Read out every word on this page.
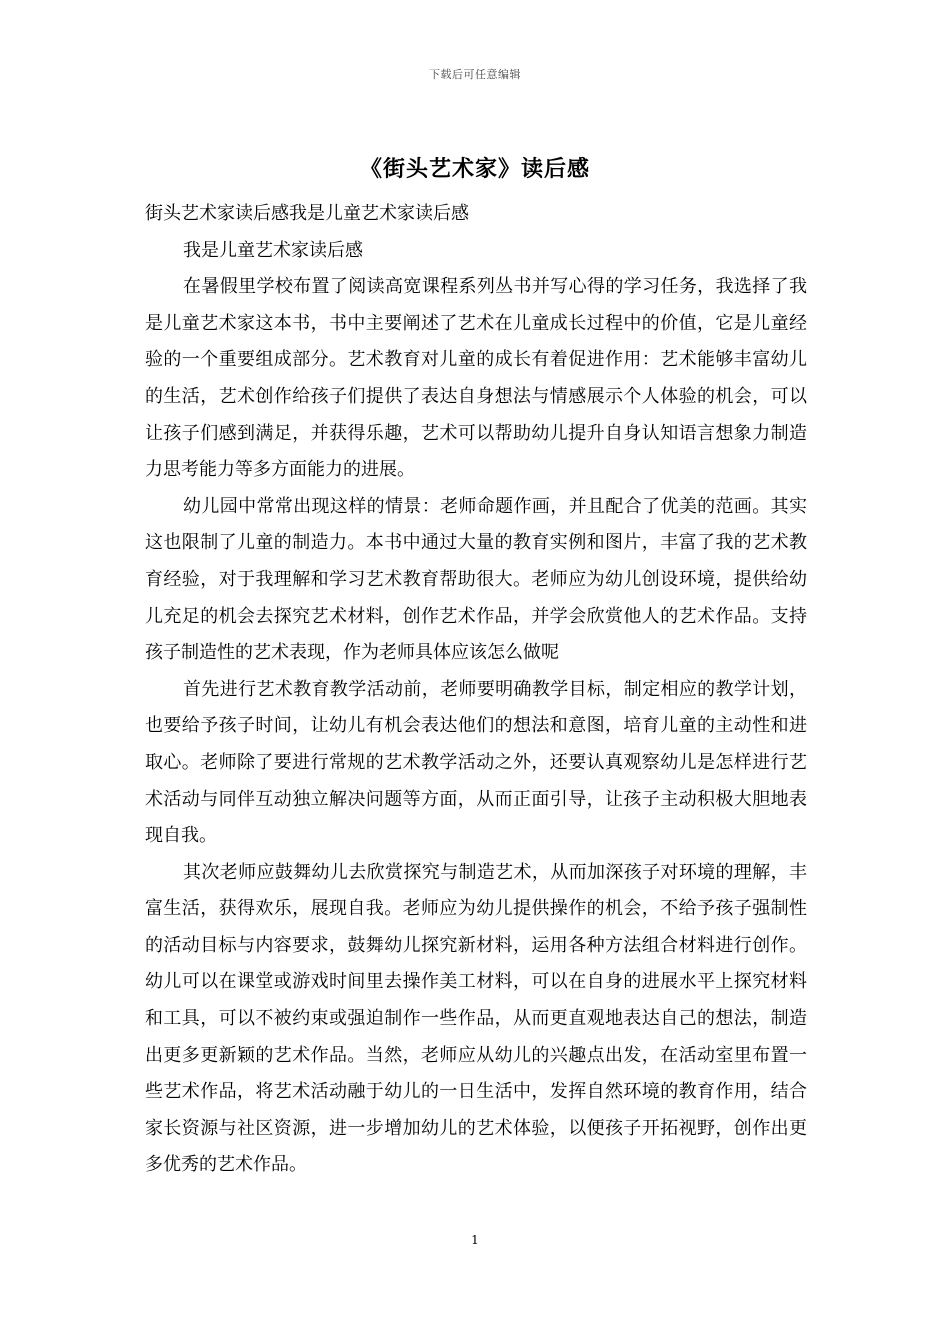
下载后可任意编辑
《街头艺术家》读后感

街头艺术家读后感我是儿童艺术家读后感

我是儿童艺术家读后感

在暑假里学校布置了阅读高宽课程系列丛书并写心得的学习任务，我选择了我是儿童艺术家这本书，书中主要阐述了艺术在儿童成长过程中的价值，它是儿童经验的一个重要组成部分。艺术教育对儿童的成长有着促进作用：艺术能够丰富幼儿的生活，艺术创作给孩子们提供了表达自身想法与情感展示个人体验的机会，可以让孩子们感到满足，并获得乐趣，艺术可以帮助幼儿提升自身认知语言想象力制造力思考能力等多方面能力的进展。

幼儿园中常常出现这样的情景：老师命题作画，并且配合了优美的范画。其实这也限制了儿童的制造力。本书中通过大量的教育实例和图片，丰富了我的艺术教育经验，对于我理解和学习艺术教育帮助很大。老师应为幼儿创设环境，提供给幼儿充足的机会去探究艺术材料，创作艺术作品，并学会欣赏他人的艺术作品。支持孩子制造性的艺术表现，作为老师具体应该怎么做呢

首先进行艺术教育教学活动前，老师要明确教学目标，制定相应的教学计划，也要给予孩子时间，让幼儿有机会表达他们的想法和意图，培育儿童的主动性和进取心。老师除了要进行常规的艺术教学活动之外，还要认真观察幼儿是怎样进行艺术活动与同伴互动独立解决问题等方面，从而正面引导，让孩子主动积极大胆地表现自我。

其次老师应鼓舞幼儿去欣赏探究与制造艺术，从而加深孩子对环境的理解，丰富生活，获得欢乐，展现自我。老师应为幼儿提供操作的机会，不给予孩子强制性的活动目标与内容要求，鼓舞幼儿探究新材料，运用各种方法组合材料进行创作。幼儿可以在课堂或游戏时间里去操作美工材料，可以在自身的进展水平上探究材料和工具，可以不被约束或强迫制作一些作品，从而更直观地表达自己的想法，制造出更多更新颖的艺术作品。当然，老师应从幼儿的兴趣点出发，在活动室里布置一些艺术作品，将艺术活动融于幼儿的一日生活中，发挥自然环境的教育作用，结合家长资源与社区资源，进一步增加幼儿的艺术体验，以便孩子开拓视野，创作出更多优秀的艺术作品。

1
